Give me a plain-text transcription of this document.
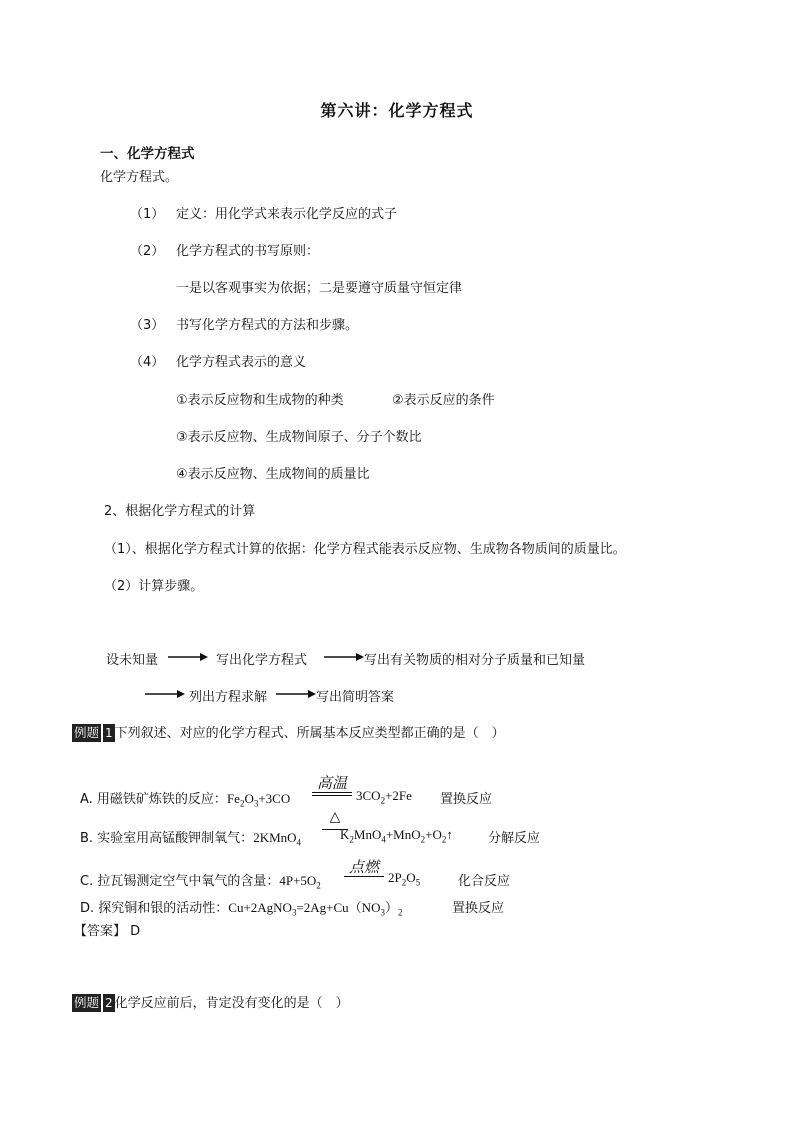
第六讲：化学方程式
一、化学方程式
化学方程式。
（1） 定义：用化学式来表示化学反应的式子
（2） 化学方程式的书写原则：
一是以客观事实为依据；二是要遵守质量守恒定律
（3） 书写化学方程式的方法和步骤。
（4） 化学方程式表示的意义
①表示反应物和生成物的种类	②表示反应的条件
③表示反应物、生成物间原子、分子个数比
④表示反应物、生成物间的质量比
2、根据化学方程式的计算
（1）、根据化学方程式计算的依据：化学方程式能表示反应物、生成物各物质间的质量比。
（2）计算步骤。
设未知量	写出化学方程式	写出有关物质的相对分子质量和已知量
列出方程求解	写出简明答案
例题 1 下列叙述、对应的化学方程式、所属基本反应类型都正确的是（　）
A. 用磁铁矿炼铁的反应：$Fe_2O_3+3CO$
高温
$3CO_2+2Fe$ 置换反应
B. 实验室用高锰酸钾制氧气：2KMnO$_4$
△
$K_2MnO_4+MnO_2+O_2↑$	分解反应
C. 拉瓦锡测定空气中氧气的含量：$4P+5O_2$
点燃
$2P_2O_5$	化合反应
D. 探究铜和银的活动性：$Cu+2AgNO_3=2Ag+Cu(NO_3)_2$	置换反应
【答案】 D
例题 2 化学反应前后，肯定没有变化的是（　）
